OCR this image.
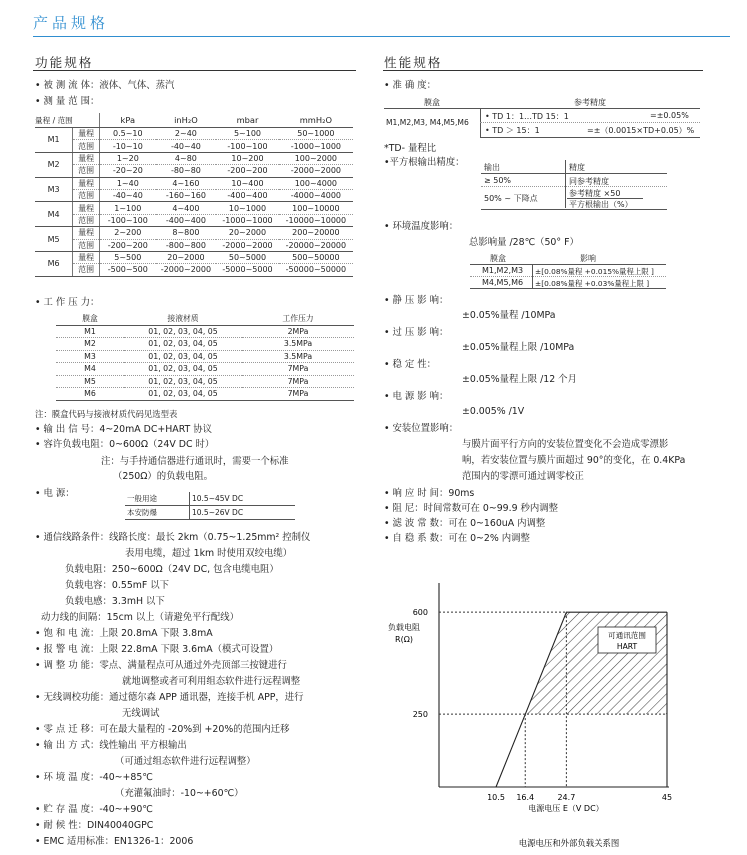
产品规格
功能规格
• 被 测 流 体：液体、气体、蒸汽
• 测 量 范 围：
量程 / 范围		kPa	inH₂O	mbar	mmH₂O
M1	量程	0.5~10	2~40	5~100	50~1000
	范围	-10~10	-40~40	-100~100	-1000~1000
M2	量程	1~20	4~80	10~200	100~2000
	范围	-20~20	-80~80	-200~200	-2000~2000
M3	量程	1~40	4~160	10~400	100~4000
	范围	-40~40	-160~160	-400~400	-4000~4000
M4	量程	1~100	4~400	10~1000	100~10000
	范围	-100~100	-400~400	-1000~1000	-10000~10000
M5	量程	2~200	8~800	20~2000	200~20000
	范围	-200~200	-800~800	-2000~2000	-20000~20000
M6	量程	5~500	20~2000	50~5000	500~50000
	范围	-500~500	-2000~2000	-5000~5000	-50000~50000
• 工 作 压 力：
膜盒	接液材质	工作压力
M1	01, 02, 03, 04, 05	2MPa
M2	01, 02, 03, 04, 05	3.5MPa
M3	01, 02, 03, 04, 05	3.5MPa
M4	01, 02, 03, 04, 05	7MPa
M5	01, 02, 03, 04, 05	7MPa
M6	01, 02, 03, 04, 05	7MPa
注：膜盒代码与接液材质代码见选型表
• 输 出 信 号：4~20mA DC+HART 协议
• 容许负载电阻：0~600Ω（24V DC 时）
注：与手持通信器进行通讯时，需要一个标准
（250Ω）的负载电阻。
• 电 源：	一般用途	10.5~45V DC
本安防爆	10.5~26V DC
• 通信线路条件：线路长度：最长 2km（0.75~1.25mm² 控制仪
表用电缆，超过 1km 时使用双绞电缆）
负载电阻：250~600Ω（24V DC, 包含电缆电阻）
负载电容：0.55mF 以下
负载电感：3.3mH 以下
动力线的间隔：15cm 以上（请避免平行配线）
• 饱 和 电 流：上限 20.8mA 下限 3.8mA
• 报 警 电 流：上限 22.8mA 下限 3.6mA（模式可设置）
• 调 整 功 能：零点、满量程点可从通过外壳顶部三按键进行
就地调整或者可利用组态软件进行远程调整
• 无线调校功能：通过德尔森 APP 通讯器，连接手机 APP，进行
无线调试
• 零 点 迁 移：可在最大量程的 -20%到 +20%的范围内迁移
• 输 出 方 式：线性输出 平方根输出
（可通过组态软件进行远程调整）
• 环 境 温 度：-40~+85℃
（充灌氟油时：-10~+60℃）
• 贮 存 温 度：-40~+90℃
• 耐 候 性：DIN40040GPC
• EMC 适用标准：EN1326-1：2006
性能规格
• 准 确 度：
膜盒	参考精度
M1,M2,M3, M4,M5,M6
• TD 1：1…TD 15：1	=±0.05%
• TD ＞ 15：1	=±（0.0015×TD+0.05）%
*TD- 量程比
•平方根输出精度： 输出	精度
≥ 50%	同参考精度
50% ~ 下降点
参考精度 ×50
平方根输出（%）
• 环境温度影响：
总影响量 /28℃（50° F）
膜盒	影响
M1,M2,M3 ±[0.08%量程 +0.015%量程上限 ]
M4,M5,M6 ±[0.08%量程 +0.03%量程上限 ]
• 静 压 影 响：
±0.05%量程 /10MPa
• 过 压 影 响：
±0.05%量程上限 /10MPa
• 稳 定 性：
±0.05%量程上限 /12 个月
• 电 源 影 响：
±0.005% /1V
• 安装位置影响：
与膜片面平行方向的安装位置变化不会造成零漂影
响，若安装位置与膜片面超过 90°的变化，在 0.4KPa
范围内的零漂可通过调零校正
• 响 应 时 间：90ms
• 阻 尼：时间常数可在 0~99.9 秒内调整
• 滤 波 常 数：可在 0~160uA 内调整
• 自 稳 系 数：可在 0~2% 内调整
可通讯范围
HART
600
250
10.5 16.4	24.7	45
负载电阻
R(Ω)
电源电压 E（V DC）
电源电压和外部负载关系图
